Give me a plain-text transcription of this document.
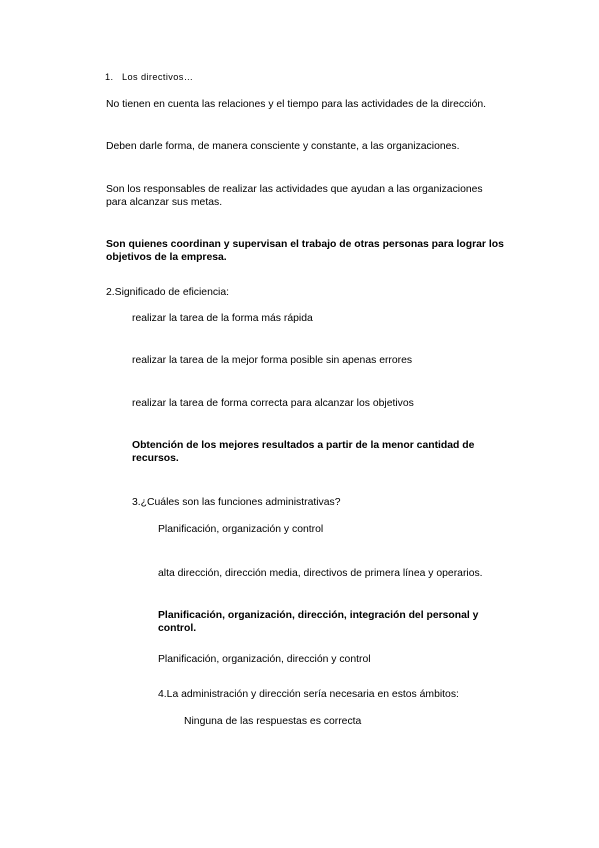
1. Los directivos…
No tienen en cuenta las relaciones y el tiempo para las actividades de la dirección.
Deben darle forma, de manera consciente y constante, a las organizaciones.
Son los responsables de realizar las actividades que ayudan a las organizaciones para alcanzar sus metas.
Son quienes coordinan y supervisan el trabajo de otras personas para lograr los objetivos de la empresa.
2.Significado de eficiencia:
realizar la tarea de la forma más rápida
realizar la tarea de la mejor forma posible sin apenas errores
realizar la tarea de forma correcta para alcanzar los objetivos
Obtención de los mejores resultados a partir de la menor cantidad de recursos.
3.¿Cuáles son las funciones administrativas?
Planificación, organización y control
alta dirección, dirección media, directivos de primera línea y operarios.
Planificación, organización, dirección, integración del personal y control.
Planificación, organización, dirección y control
4.La administración y dirección sería necesaria en estos ámbitos:
Ninguna de las respuestas es correcta
